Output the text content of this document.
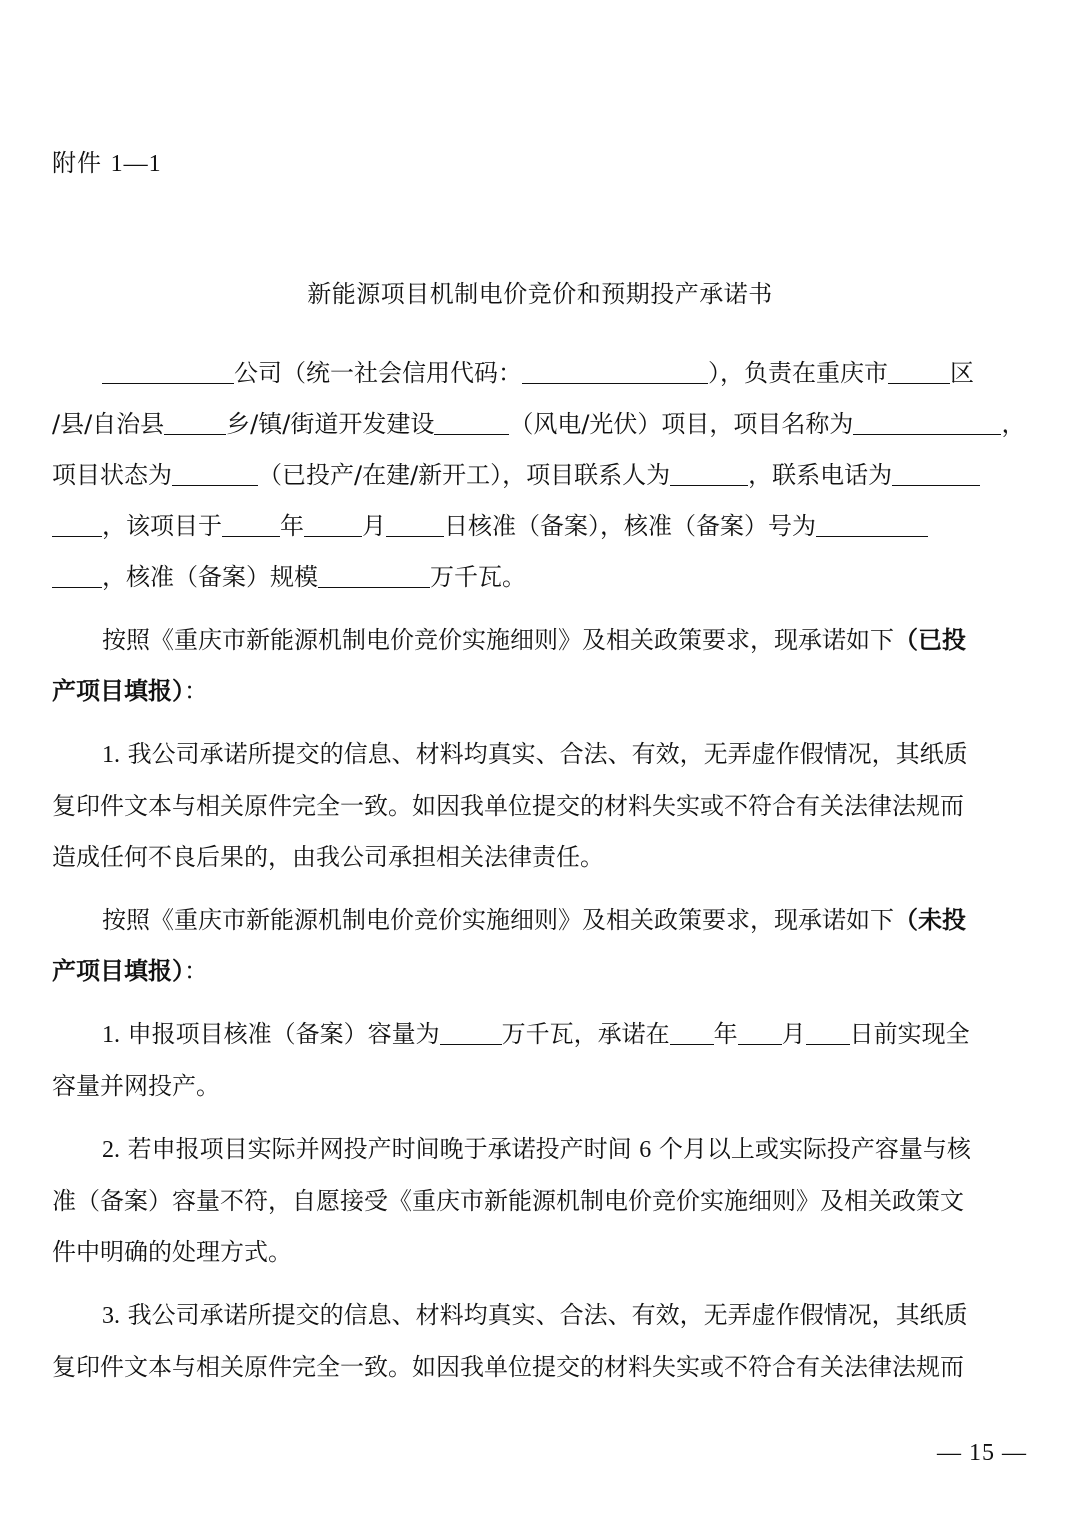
附件 1—1
新能源项目机制电价竞价和预期投产承诺书
公司（统一社会信用代码：	），负责在重庆市	区
/县/自治县	乡/镇/街道开发建设	（风电/光伏）项目，项目名称为	，
项目状态为	（已投产/在建/新开工），项目联系人为	，联系电话为
，该项目于 年 月 日核准（备案），核准（备案）号为
，核准（备案）规模	万千瓦。
按照《重庆市新能源机制电价竞价实施细则》及相关政策要求，现承诺如下（已投
产项目填报）：
1. 我公司承诺所提交的信息、材料均真实、合法、有效，无弄虚作假情况，其纸质
复印件文本与相关原件完全一致。如因我单位提交的材料失实或不符合有关法律法规而
造成任何不良后果的，由我公司承担相关法律责任。
按照《重庆市新能源机制电价竞价实施细则》及相关政策要求，现承诺如下（未投
产项目填报）：
1. 申报项目核准（备案）容量为	万千瓦，承诺在 年 月 日前实现全
容量并网投产。
2. 若申报项目实际并网投产时间晚于承诺投产时间 6 个月以上或实际投产容量与核
准（备案）容量不符，自愿接受《重庆市新能源机制电价竞价实施细则》及相关政策文
件中明确的处理方式。
3. 我公司承诺所提交的信息、材料均真实、合法、有效，无弄虚作假情况，其纸质
复印件文本与相关原件完全一致。如因我单位提交的材料失实或不符合有关法律法规而
— 15 —
